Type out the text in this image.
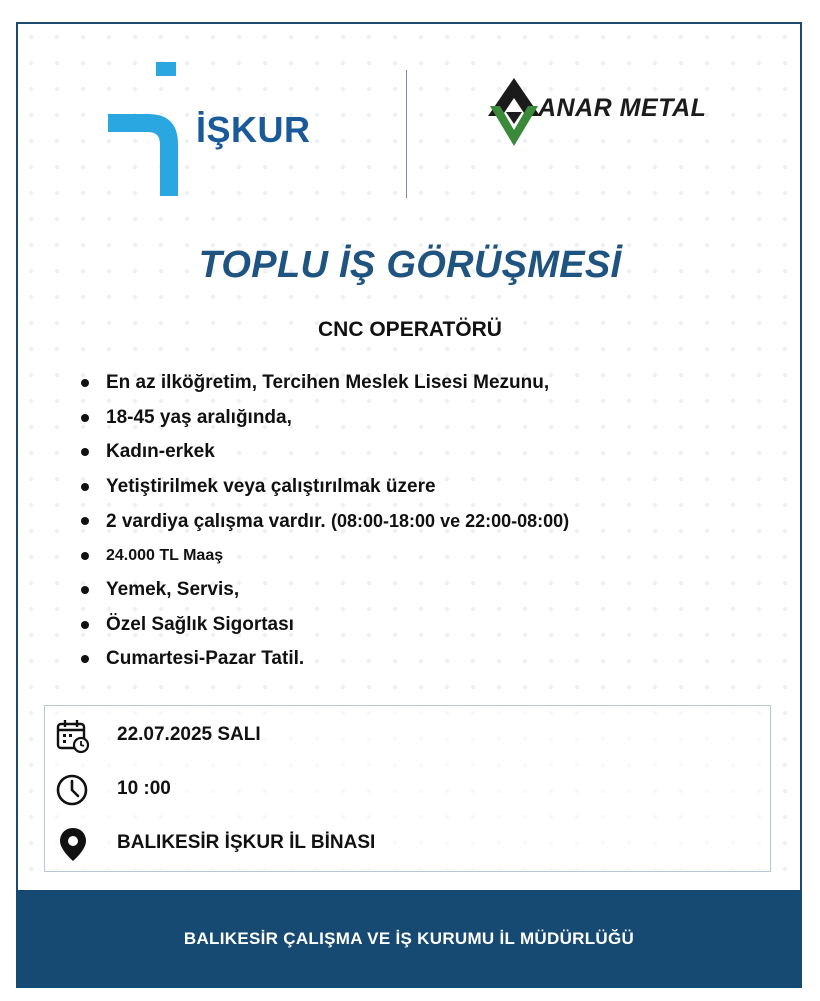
İŞKUR
ANAR METAL
TOPLU İŞ GÖRÜŞMESİ
CNC OPERATÖRÜ
En az ilköğretim, Tercihen Meslek Lisesi Mezunu,
18-45 yaş aralığında,
Kadın-erkek
Yetiştirilmek veya çalıştırılmak üzere
2 vardiya çalışma vardır. (08:00-18:00 ve 22:00-08:00)
24.000 TL Maaş
Yemek, Servis,
Özel Sağlık Sigortası
Cumartesi-Pazar Tatil.
22.07.2025 SALI
10 :00
BALIKESİR İŞKUR İL BİNASI
BALIKESİR ÇALIŞMA VE İŞ KURUMU İL MÜDÜRLÜĞÜ
